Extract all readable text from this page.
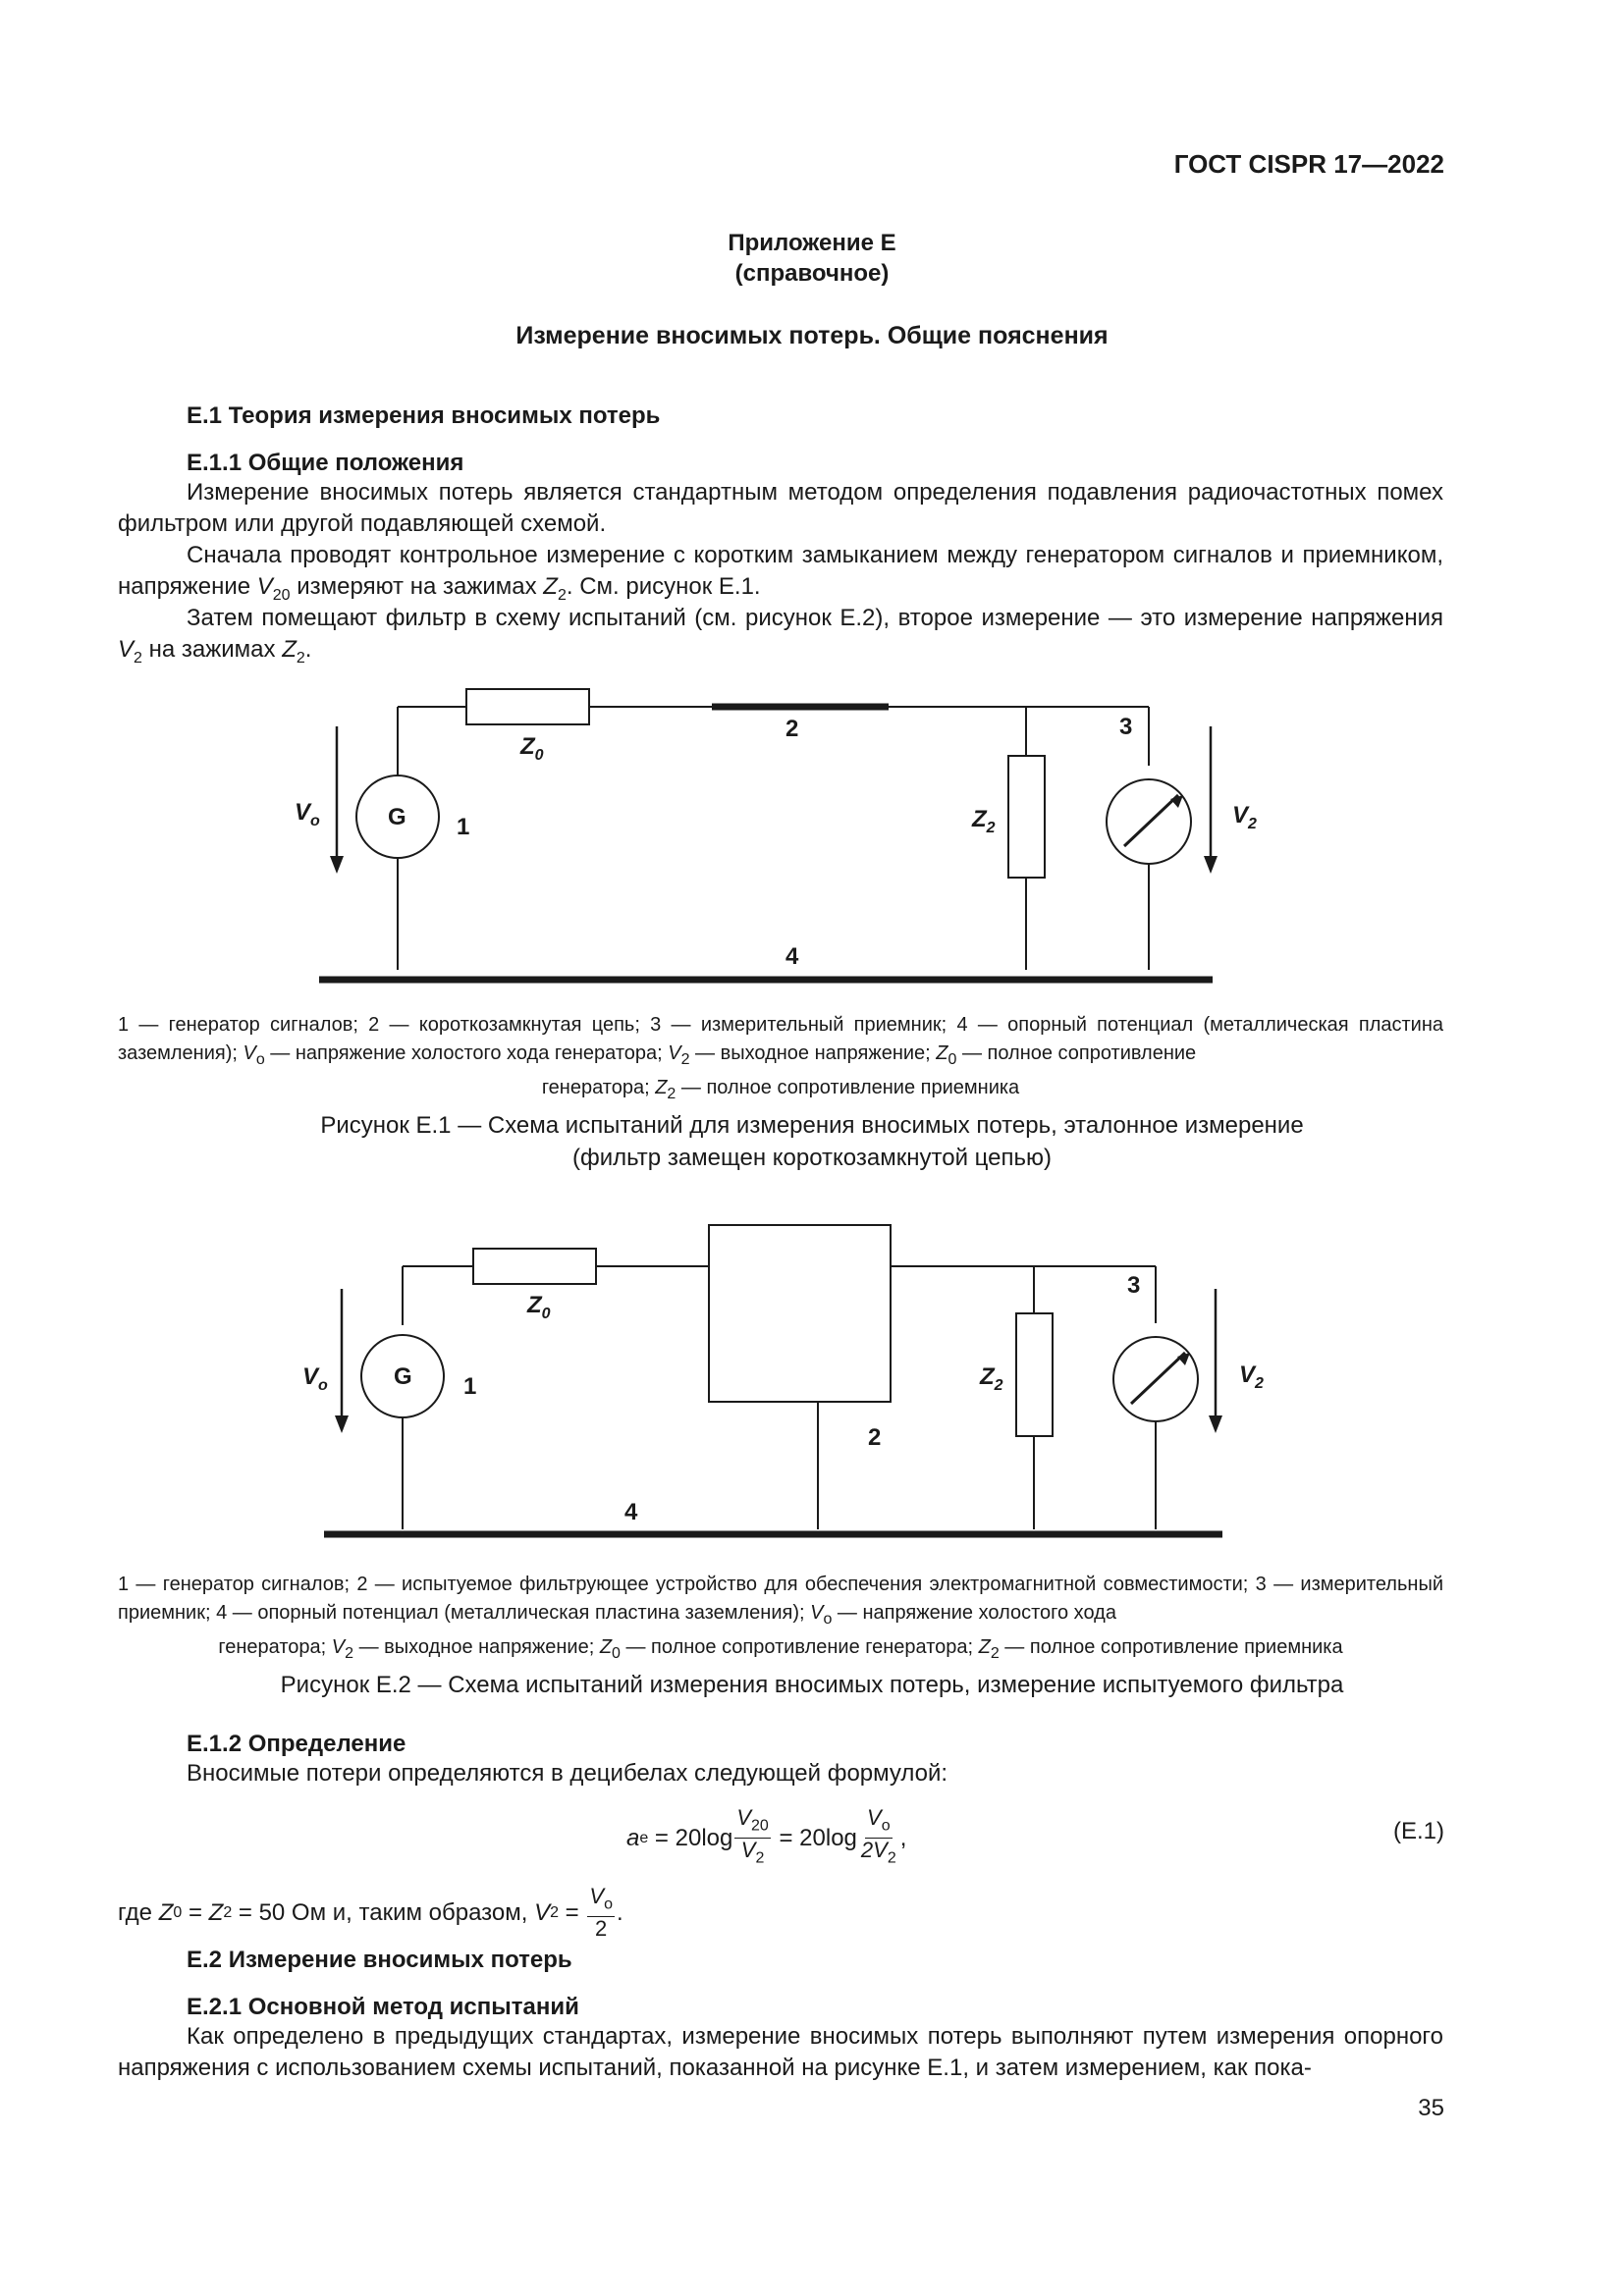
ГОСТ CISPR 17—2022
Приложение Е
(справочное)
Измерение вносимых потерь. Общие пояснения
Е.1 Теория измерения вносимых потерь
Е.1.1 Общие положения
Измерение вносимых потерь является стандартным методом определения подавления радиочастотных помех фильтром или другой подавляющей схемой.
Сначала проводят контрольное измерение с коротким замыканием между генератором сигналов и приемником, напряжение $V_{20}$ измеряют на зажимах $Z_2$. См. рисунок Е.1.
Затем помещают фильтр в схему испытаний (см. рисунок Е.2), второе измерение — это измерение напряжения $V_2$ на зажимах $Z_2$.
$Z_0$
2	3
$V_o$	G 1	$Z_2$	$V_2$
4
1 — генератор сигналов; 2 — короткозамкнутая цепь; 3 — измерительный приемник; 4 — опорный потенциал (металлическая пластина заземления); $V_o$ — напряжение холостого хода генератора; $V_2$ — выходное напряжение; $Z_0$ — полное сопротивление
генератора; $Z_2$ — полное сопротивление приемника
Рисунок Е.1 — Схема испытаний для измерения вносимых потерь, эталонное измерение
(фильтр замещен короткозамкнутой цепью)
$Z_0$
3
$V_o$	G 1	$Z_2$	$V_2$
2
4
1 — генератор сигналов; 2 — испытуемое фильтрующее устройство для обеспечения электромагнитной совместимости; 3 — измерительный приемник; 4 — опорный потенциал (металлическая пластина заземления); $V_o$ — напряжение холостого хода
генератора; $V_2$ — выходное напряжение; $Z_0$ — полное сопротивление генератора; $Z_2$ — полное сопротивление приемника
Рисунок Е.2 — Схема испытаний измерения вносимых потерь, измерение испытуемого фильтра
Е.1.2 Определение
Вносимые потери определяются в децибелах следующей формулой:
a $e = 20\log \frac{V_{20}}{V_2} = 20\log \frac{V_o}{2V_2}$ ,	(Е.1)
где Z 0 = Z 2 = 50 Ом и, таким образом, V $2 = \frac{V_o}{2}$ .
Е.2 Измерение вносимых потерь
Е.2.1 Основной метод испытаний
Как определено в предыдущих стандартах, измерение вносимых потерь выполняют путем измерения опорного напряжения с использованием схемы испытаний, показанной на рисунке Е.1, и затем измерением, как пока-
35
